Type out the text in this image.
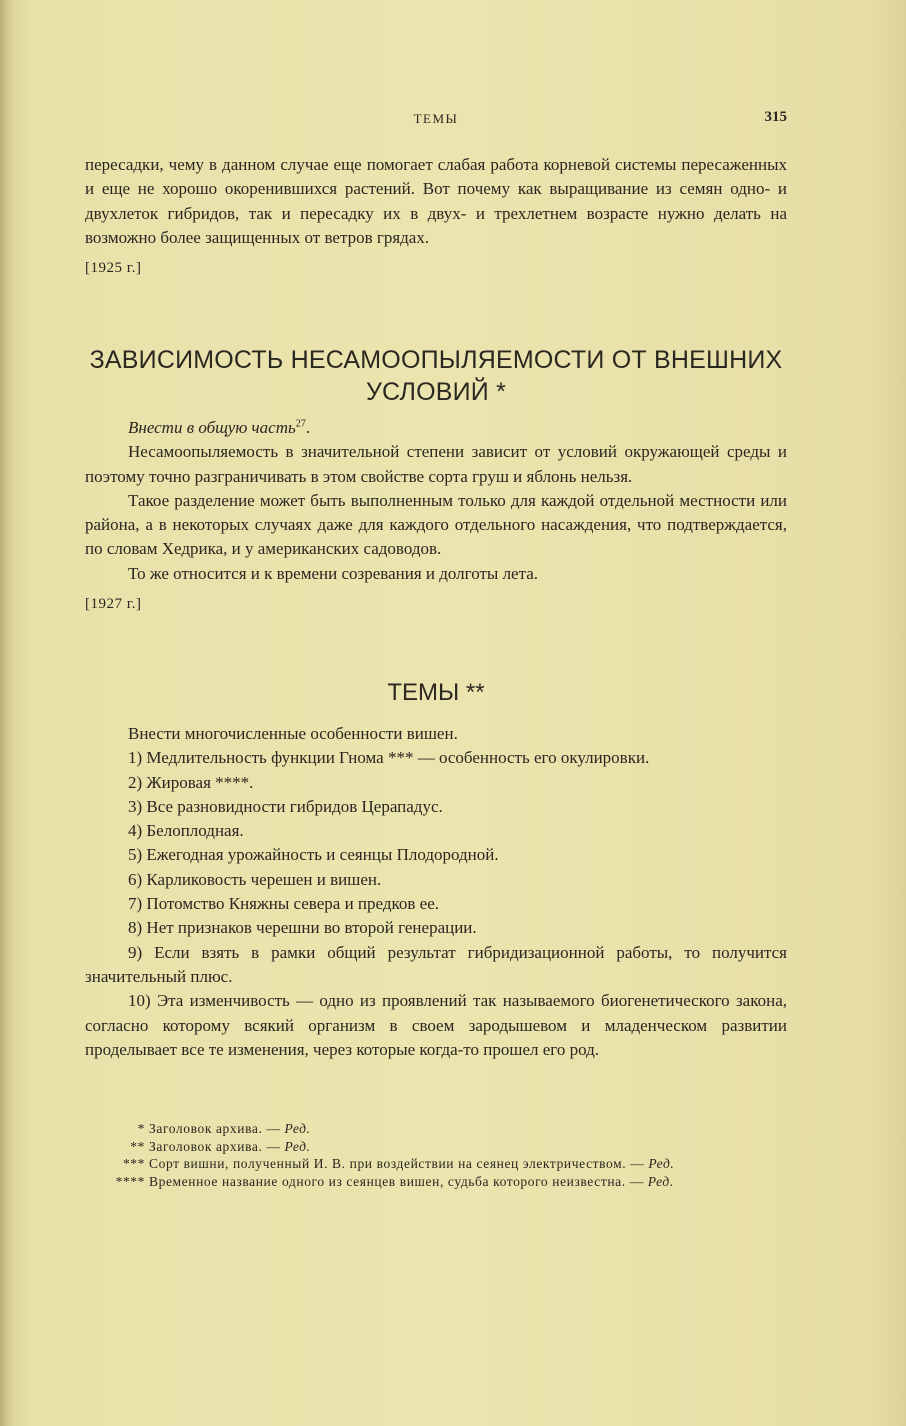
ТЕМЫ	315

пересадки, чему в данном случае еще помогает слабая работа корневой системы пересаженных и еще не хорошо окоренившихся растений. Вот почему как выращивание из семян одно- и двухлеток гибридов, так и пересадку их в двух- и трехлетнем возрасте нужно делать на возможно более защищенных от ветров грядах.

[1925 г.]

ЗАВИСИМОСТЬ НЕСАМООПЫЛЯЕМОСТИ ОТ ВНЕШНИХ
УСЛОВИЙ *

Внести в общую часть$^{27}$.

Несамоопыляемость в значительной степени зависит от условий окружающей среды и поэтому точно разграничивать в этом свойстве сорта груш и яблонь нельзя.

Такое разделение может быть выполненным только для каждой отдельной местности или района, а в некоторых случаях даже для каждого отдельного насаждения, что подтверждается, по словам Хедрика, и у американских садоводов.

То же относится и к времени созревания и долготы лета.

[1927 г.]

ТЕМЫ **

Внести многочисленные особенности вишен.

1) Медлительность функции Гнома *** — особенность его окулировки.

2) Жировая ****.

3) Все разновидности гибридов Церападус.

4) Белоплодная.

5) Ежегодная урожайность и сеянцы Плодородной.

6) Карликовость черешен и вишен.

7) Потомство Княжны севера и предков ее.

8) Нет признаков черешни во второй генерации.

9) Если взять в рамки общий результат гибридизационной работы, то получится значительный плюс.

10) Эта изменчивость — одно из проявлений так называемого биогенетического закона, согласно которому всякий организм в своем зародышевом и младенческом развитии проделывает все те изменения, через которые когда-то прошел его род.

* Заголовок архива. — Ред.

** Заголовок архива. — Ред.

*** Сорт вишни, полученный И. В. при воздействии на сеянец электричеством. — Ред.

**** Временное название одного из сеянцев вишен, судьба которого неизвестна. — Ред.
